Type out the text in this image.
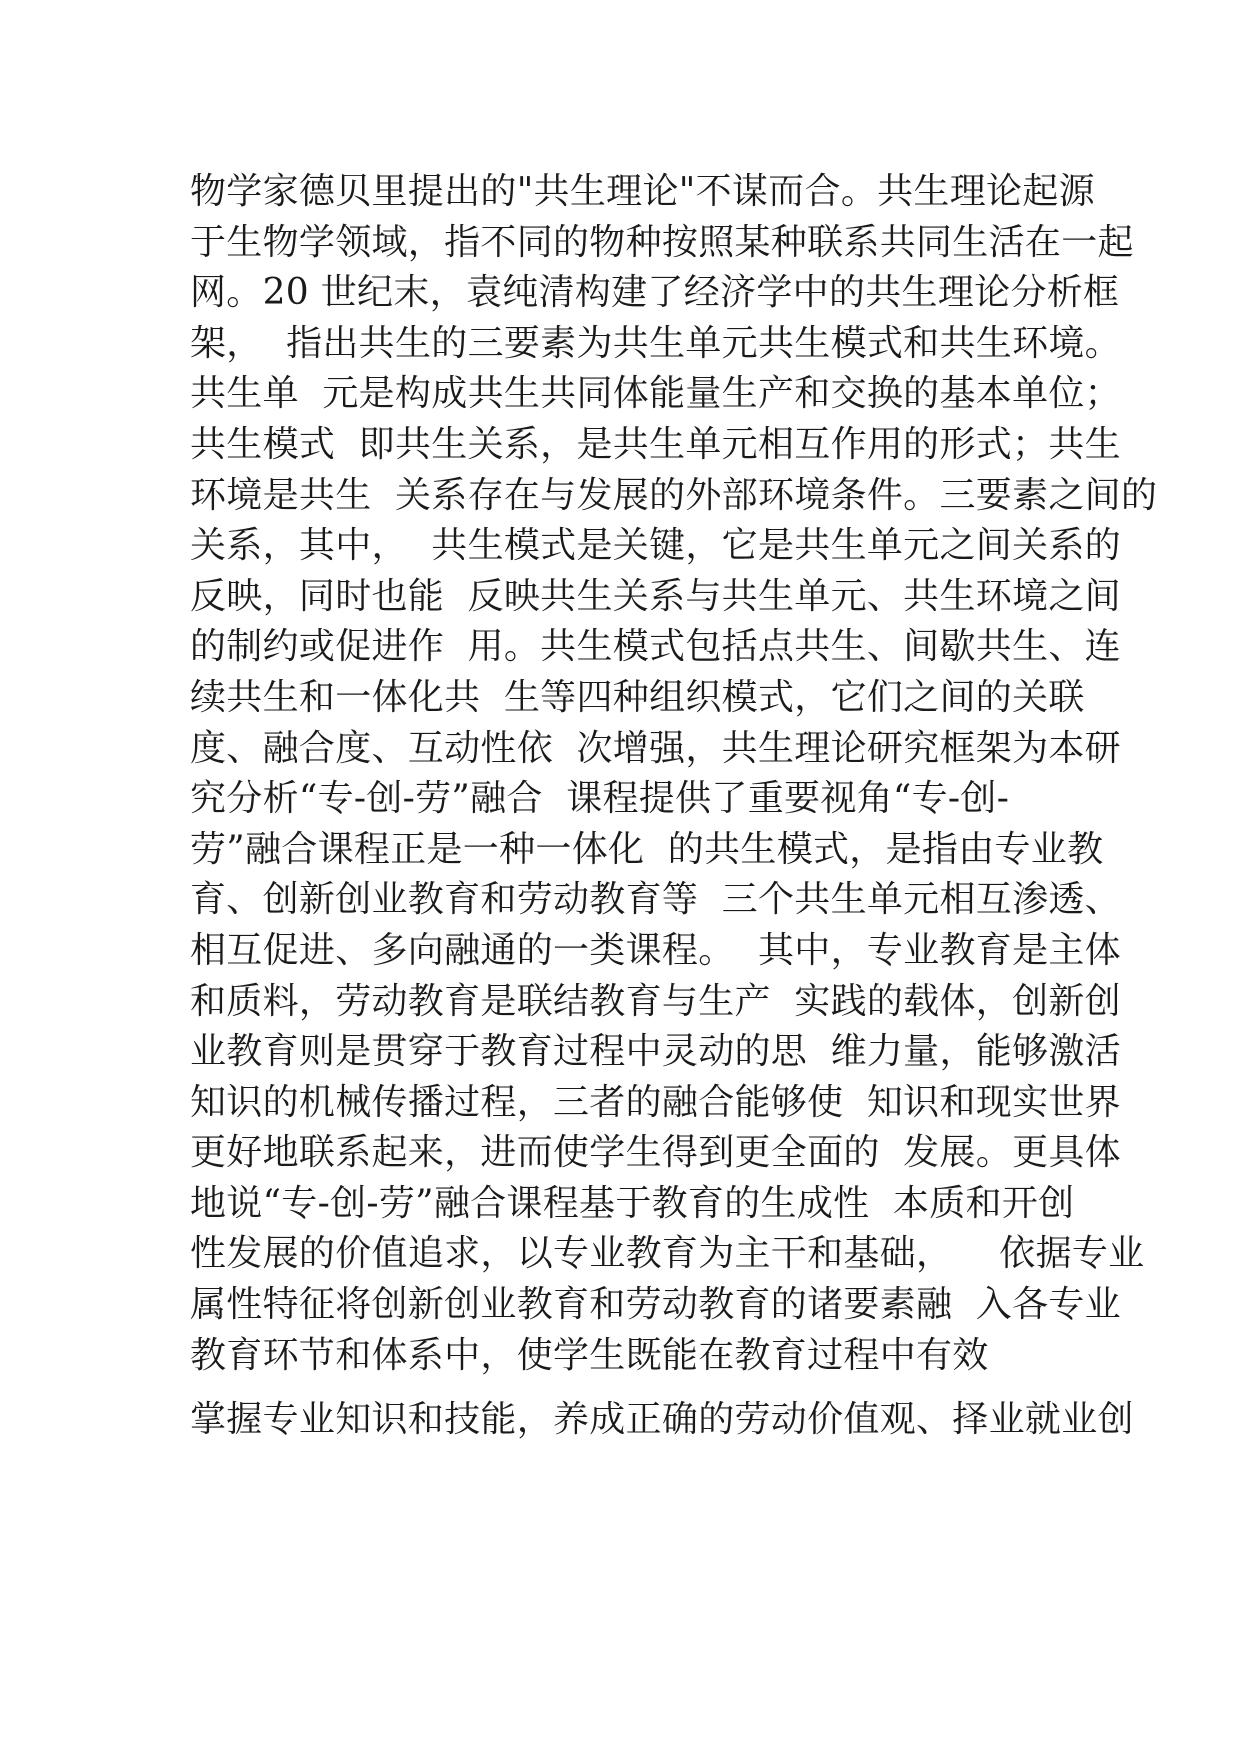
物学家德贝里提出的"共生理论"不谋而合。共生理论起源
于生物学领域，指不同的物种按照某种联系共同生活在一起
网。20 世纪末，袁纯清构建了经济学中的共生理论分析框
架，  指出共生的三要素为共生单元共生模式和共生环境。
共生单  元是构成共生共同体能量生产和交换的基本单位；
共生模式  即共生关系，是共生单元相互作用的形式；共生
环境是共生  关系存在与发展的外部环境条件。三要素之间的
关系，其中，  共生模式是关键，它是共生单元之间关系的
反映，同时也能  反映共生关系与共生单元、共生环境之间
的制约或促进作  用。共生模式包括点共生、间歇共生、连
续共生和一体化共  生等四种组织模式，它们之间的关联
度、融合度、互动性依  次增强，共生理论研究框架为本研
究分析“专-创-劳”融合  课程提供了重要视角“专-创-
劳”融合课程正是一种一体化  的共生模式，是指由专业教
育、创新创业教育和劳动教育等  三个共生单元相互渗透、
相互促进、多向融通的一类课程。  其中，专业教育是主体
和质料，劳动教育是联结教育与生产  实践的载体，创新创
业教育则是贯穿于教育过程中灵动的思  维力量，能够激活
知识的机械传播过程，三者的融合能够使  知识和现实世界
更好地联系起来，进而使学生得到更全面的  发展。更具体
地说“专-创-劳”融合课程基于教育的生成性  本质和开创
性发展的价值追求，以专业教育为主干和基础，    依据专业
属性特征将创新创业教育和劳动教育的诸要素融  入各专业
教育环节和体系中，使学生既能在教育过程中有效
掌握专业知识和技能，养成正确的劳动价值观、择业就业创
